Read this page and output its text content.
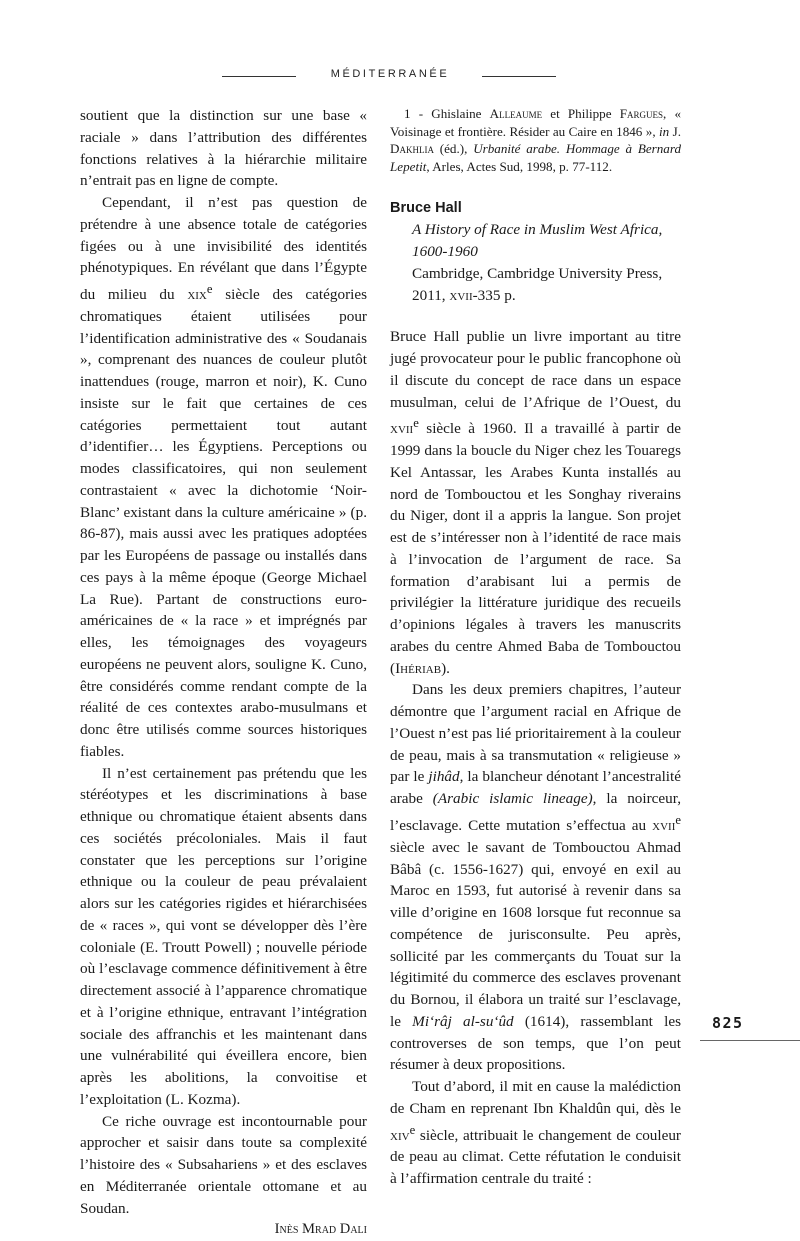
MÉDITERRANÉE

soutient que la distinction sur une base « raciale » dans l’attribution des différentes fonctions relatives à la hiérarchie militaire n’entrait pas en ligne de compte.

Cependant, il n’est pas question de prétendre à une absence totale de catégories figées ou à une invisibilité des identités phénotypiques. En révélant que dans l’Égypte du milieu du xix$^e$ siècle des catégories chromatiques étaient utilisées pour l’identification administrative des « Soudanais », comprenant des nuances de couleur plutôt inattendues (rouge, marron et noir), K. Cuno insiste sur le fait que certaines de ces catégories permettaient tout autant d’identifier… les Égyptiens. Perceptions ou modes classificatoires, qui non seulement contrastaient « avec la dichotomie ‘Noir-Blanc’ existant dans la culture américaine » (p. 86-87), mais aussi avec les pratiques adoptées par les Européens de passage ou installés dans ces pays à la même époque (George Michael La Rue). Partant de constructions euro-américaines de « la race » et imprégnés par elles, les témoignages des voyageurs européens ne peuvent alors, souligne K. Cuno, être considérés comme rendant compte de la réalité de ces contextes arabo-musulmans et donc être utilisés comme sources historiques fiables.

Il n’est certainement pas prétendu que les stéréotypes et les discriminations à base ethnique ou chromatique étaient absents dans ces sociétés précoloniales. Mais il faut constater que les perceptions sur l’origine ethnique ou la couleur de peau prévalaient alors sur les catégories rigides et hiérarchisées de « races », qui vont se développer dès l’ère coloniale (E. Troutt Powell) ; nouvelle période où l’esclavage commence définitivement à être directement associé à l’apparence chromatique et à l’origine ethnique, entravant l’intégration sociale des affranchis et les maintenant dans une vulnérabilité qui éveillera encore, bien après les abolitions, la convoitise et l’exploitation (L. Kozma).

Ce riche ouvrage est incontournable pour approcher et saisir dans toute sa complexité l’histoire des « Subsahariens » et des esclaves en Méditerranée orientale ottomane et au Soudan.

Inès Mrad Dali

1 - Ghislaine Alleaume et Philippe Fargues, « Voisinage et frontière. Résider au Caire en 1846 », in J. Dakhlia (éd.), Urbanité arabe. Hommage à Bernard Lepetit, Arles, Actes Sud, 1998, p. 77-112.

Bruce Hall
A History of Race in Muslim West Africa, 1600-1960
Cambridge, Cambridge University Press,
2011, xvii-335 p.

Bruce Hall publie un livre important au titre jugé provocateur pour le public francophone où il discute du concept de race dans un espace musulman, celui de l’Afrique de l’Ouest, du xvii$^e$ siècle à 1960. Il a travaillé à partir de 1999 dans la boucle du Niger chez les Touaregs Kel Antassar, les Arabes Kunta installés au nord de Tombouctou et les Songhay riverains du Niger, dont il a appris la langue. Son projet est de s’intéresser non à l’identité de race mais à l’invocation de l’argument de race. Sa formation d’arabisant lui a permis de privilégier la littérature juridique des recueils d’opinions légales à travers les manuscrits arabes du centre Ahmed Baba de Tombouctou (Ihériab).

Dans les deux premiers chapitres, l’auteur démontre que l’argument racial en Afrique de l’Ouest n’est pas lié prioritairement à la couleur de peau, mais à sa transmutation « religieuse » par le jihâd, la blancheur dénotant l’ancestralité arabe (Arabic islamic lineage), la noirceur, l’esclavage. Cette mutation s’effectua au xvii$^e$ siècle avec le savant de Tombouctou Ahmad Bâbâ (c. 1556-1627) qui, envoyé en exil au Maroc en 1593, fut autorisé à revenir dans sa ville d’origine en 1608 lorsque fut reconnue sa compétence de jurisconsulte. Peu après, sollicité par les commerçants du Touat sur la légitimité du commerce des esclaves provenant du Bornou, il élabora un traité sur l’esclavage, le Mi‘râj al-su‘ûd (1614), rassemblant les controverses de son temps, que l’on peut résumer à deux propositions.

Tout d’abord, il mit en cause la malédiction de Cham en reprenant Ibn Khaldûn qui, dès le xiv$^e$ siècle, attribuait le changement de couleur de peau au climat. Cette réfutation le conduisit à l’affirmation centrale du traité :

825
